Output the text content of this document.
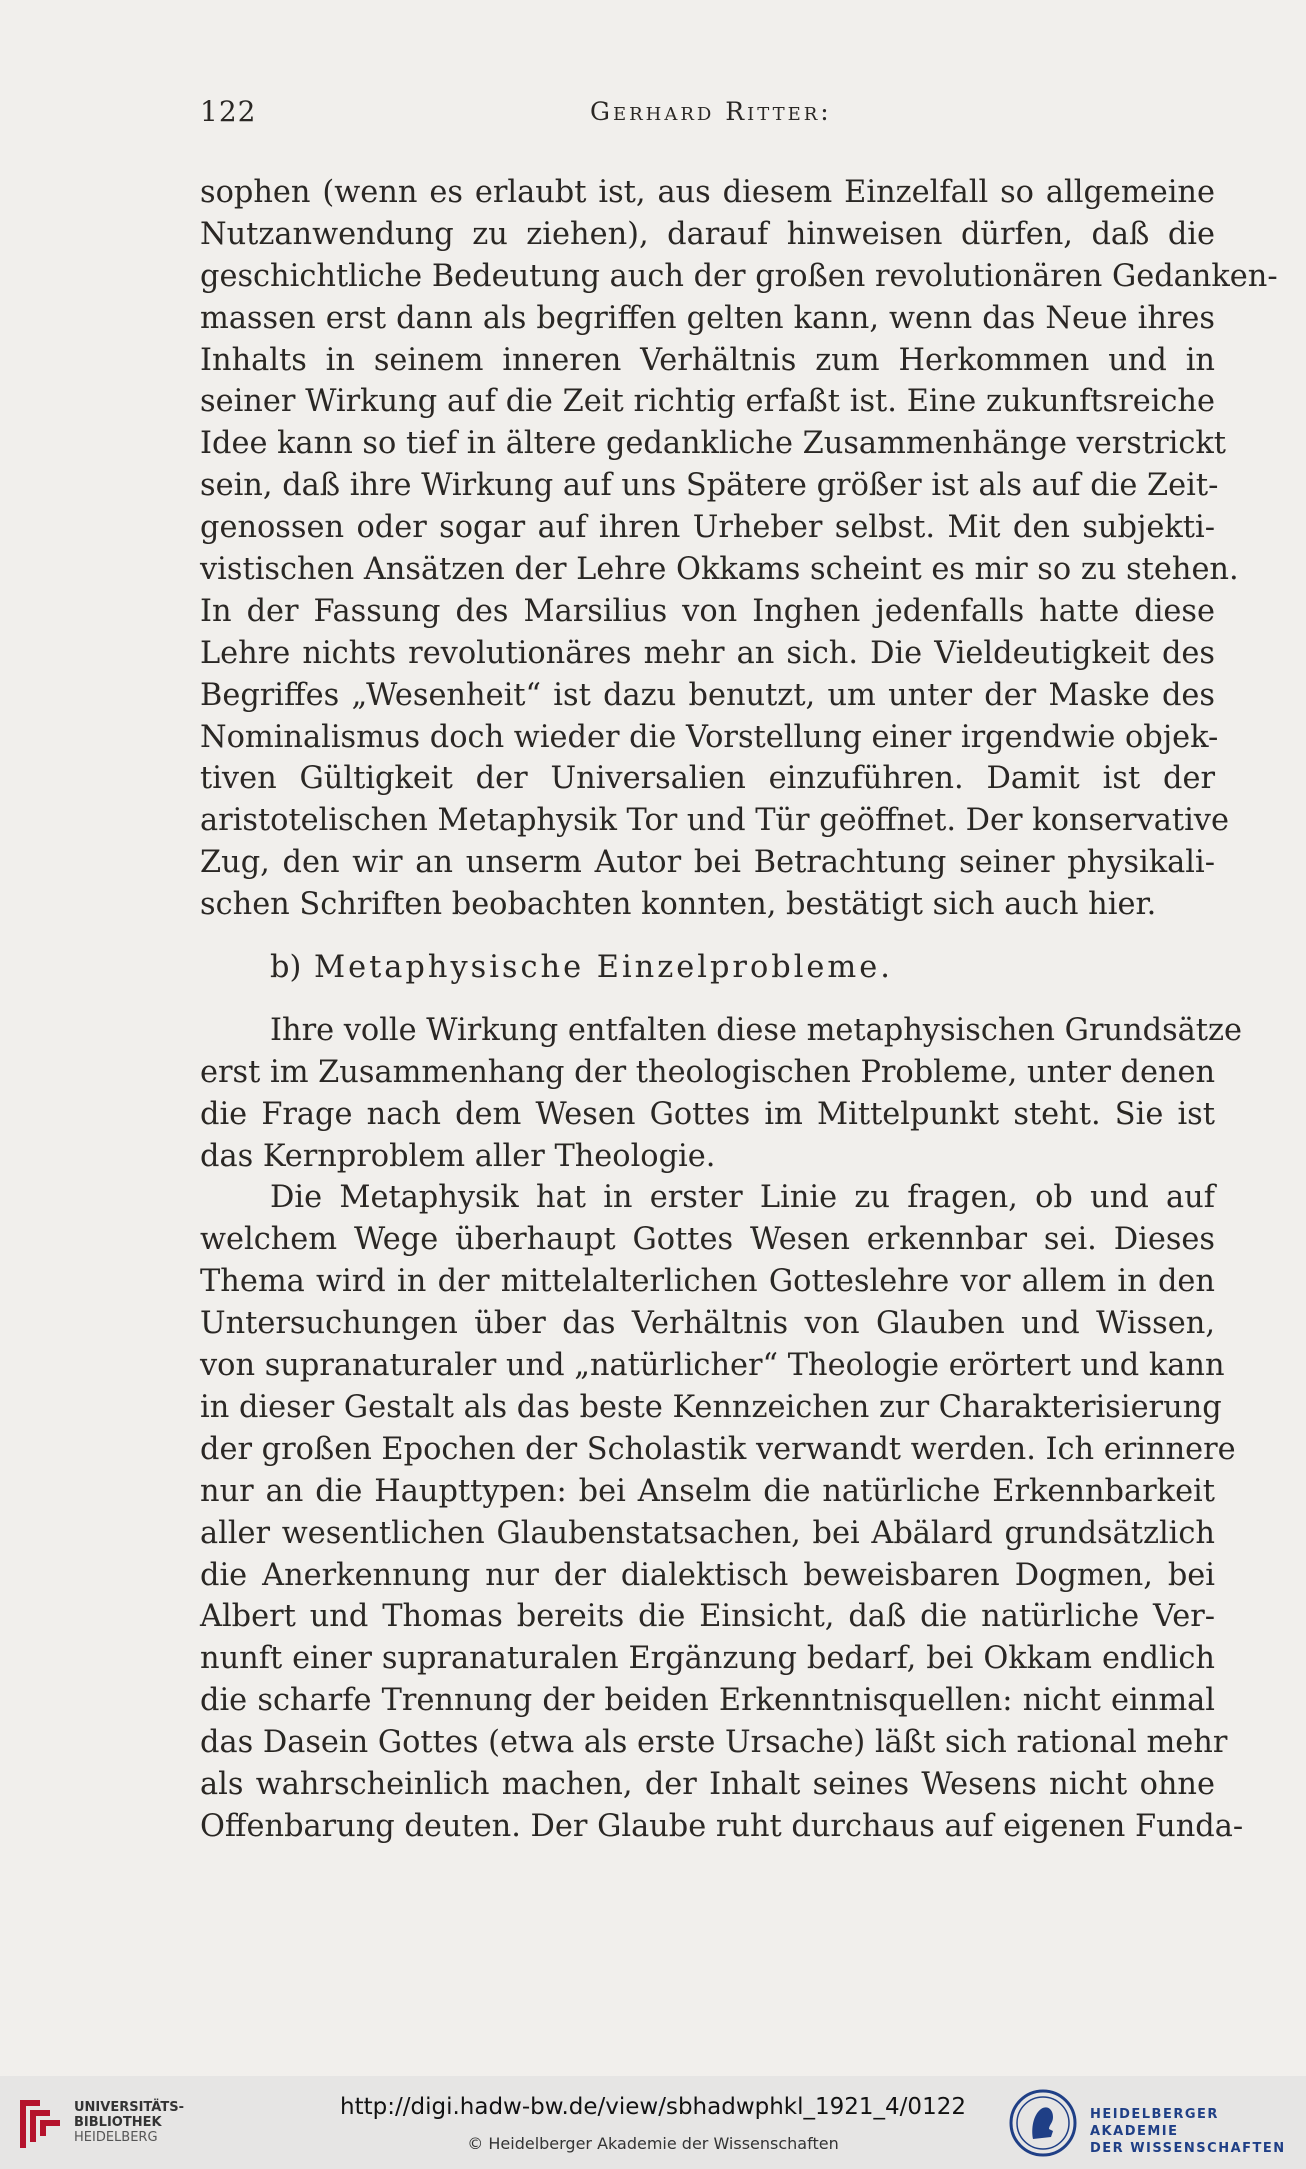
122	Gerhard Ritter:
sophen (wenn es erlaubt ist, aus diesem Einzelfall so allgemeine
Nutzanwendung zu ziehen), darauf hinweisen dürfen, daß die
geschichtliche Bedeutung auch der großen revolutionären Gedanken-
massen erst dann als begriffen gelten kann, wenn das Neue ihres
Inhalts in seinem inneren Verhältnis zum Herkommen und in
seiner Wirkung auf die Zeit richtig erfaßt ist. Eine zukunftsreiche
Idee kann so tief in ältere gedankliche Zusammenhänge verstrickt
sein, daß ihre Wirkung auf uns Spätere größer ist als auf die Zeit-
genossen oder sogar auf ihren Urheber selbst. Mit den subjekti-
vistischen Ansätzen der Lehre Okkams scheint es mir so zu stehen.
In der Fassung des Marsilius von Inghen jedenfalls hatte diese
Lehre nichts revolutionäres mehr an sich. Die Vieldeutigkeit des
Begriffes „Wesenheit“ ist dazu benutzt, um unter der Maske des
Nominalismus doch wieder die Vorstellung einer irgendwie objek-
tiven Gültigkeit der Universalien einzuführen. Damit ist der
aristotelischen Metaphysik Tor und Tür geöffnet. Der konservative
Zug, den wir an unserm Autor bei Betrachtung seiner physikali-
schen Schriften beobachten konnten, bestätigt sich auch hier.
b) Metaphysische Einzelprobleme.
Ihre volle Wirkung entfalten diese metaphysischen Grundsätze
erst im Zusammenhang der theologischen Probleme, unter denen
die Frage nach dem Wesen Gottes im Mittelpunkt steht. Sie ist
das Kernproblem aller Theologie.
Die Metaphysik hat in erster Linie zu fragen, ob und auf
welchem Wege überhaupt Gottes Wesen erkennbar sei. Dieses
Thema wird in der mittelalterlichen Gotteslehre vor allem in den
Untersuchungen über das Verhältnis von Glauben und Wissen,
von supranaturaler und „natürlicher“ Theologie erörtert und kann
in dieser Gestalt als das beste Kennzeichen zur Charakterisierung
der großen Epochen der Scholastik verwandt werden. Ich erinnere
nur an die Haupttypen: bei Anselm die natürliche Erkennbarkeit
aller wesentlichen Glaubenstatsachen, bei Abälard grundsätzlich
die Anerkennung nur der dialektisch beweisbaren Dogmen, bei
Albert und Thomas bereits die Einsicht, daß die natürliche Ver-
nunft einer supranaturalen Ergänzung bedarf, bei Okkam endlich
die scharfe Trennung der beiden Erkenntnisquellen: nicht einmal
das Dasein Gottes (etwa als erste Ursache) läßt sich rational mehr
als wahrscheinlich machen, der Inhalt seines Wesens nicht ohne
Offenbarung deuten. Der Glaube ruht durchaus auf eigenen Funda-
UNIVERSITÄTS-
BIBLIOTHEK
HEIDELBERG
http://digi.hadw-bw.de/view/sbhadwphkl_1921_4/0122
© Heidelberger Akademie der Wissenschaften
HEIDELBERGER AKADEMIE
DER WISSENSCHAFTEN
